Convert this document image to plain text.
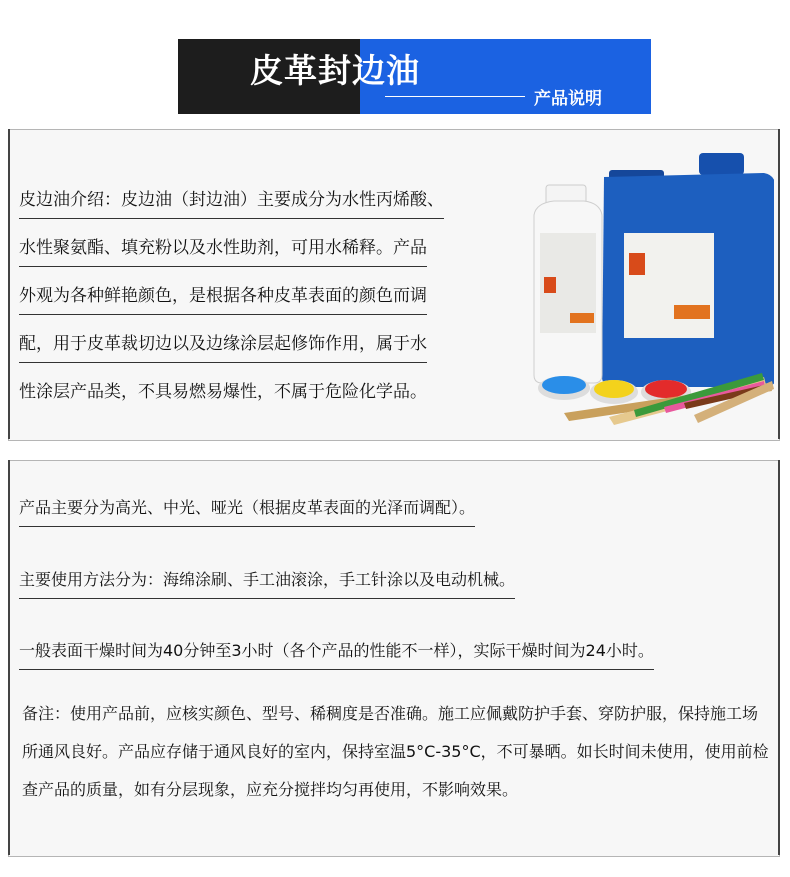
皮革封边油
产品说明
皮边油介绍：皮边油（封边油）主要成分为水性丙烯酸、
水性聚氨酯、填充粉以及水性助剂，可用水稀释。产品
外观为各种鲜艳颜色，是根据各种皮革表面的颜色而调
配，用于皮革裁切边以及边缘涂层起修饰作用，属于水
性涂层产品类，不具易燃易爆性，不属于危险化学品。
产品主要分为高光、中光、哑光（根据皮革表面的光泽而调配）。
主要使用方法分为：海绵涂刷、手工油滚涂，手工针涂以及电动机械。
一般表面干燥时间为40分钟至3小时（各个产品的性能不一样），实际干燥时间为24小时。
备注：使用产品前，应核实颜色、型号、稀稠度是否准确。施工应佩戴防护手套、穿防护服，保持施工场所通风良好。产品应存储于通风良好的室内，保持室温5°C-35°C，不可暴晒。如长时间未使用，使用前检查产品的质量，如有分层现象，应充分搅拌均匀再使用，不影响效果。
